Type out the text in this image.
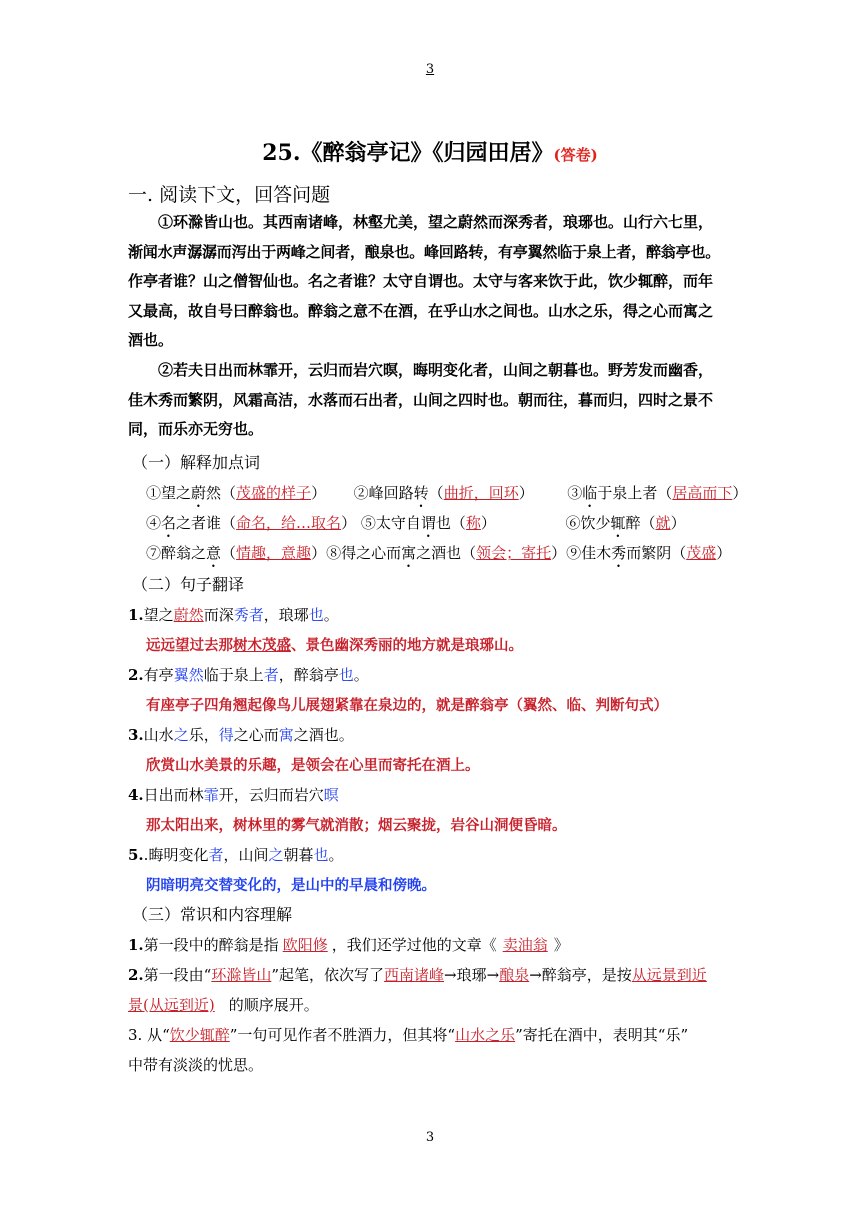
3
25.《醉翁亭记》《归园田居》(答卷)
一. 阅读下文，回答问题
①环滁皆山也。其西南诸峰，林壑尤美，望之蔚然而深秀者，琅琊也。山行六七里，
渐闻水声潺潺而泻出于两峰之间者，酿泉也。峰回路转，有亭翼然临于泉上者，醉翁亭也。
作亭者谁？山之僧智仙也。名之者谁？太守自谓也。太守与客来饮于此，饮少辄醉，而年
又最高，故自号曰醉翁也。醉翁之意不在酒，在乎山水之间也。山水之乐，得之心而寓之
酒也。
②若夫日出而林霏开，云归而岩穴暝，晦明变化者，山间之朝暮也。野芳发而幽香，
佳木秀而繁阴，风霜高洁，水落而石出者，山间之四时也。朝而往，暮而归，四时之景不
同，而乐亦无穷也。
（一）解释加点词
①望之蔚然（茂盛的样子） ②峰回路转（曲折，回环） ③临于泉上者（居高而下）
④名之者谁（命名，给…取名） ⑤太守自谓也（称）	⑥饮少辄醉（就）
⑦醉翁之意（情趣，意趣）⑧得之心而寓之酒也（领会；寄托）⑨佳木秀而繁阴（茂盛）
（二）句子翻译
1.望之蔚然而深秀者，琅琊也。
远远望过去那树木茂盛、景色幽深秀丽的地方就是琅琊山。
2.有亭翼然临于泉上者，醉翁亭也。
有座亭子四角翘起像鸟儿展翅紧靠在泉边的，就是醉翁亭（翼然、临、判断句式）
3.山水之乐，得之心而寓之酒也。
欣赏山水美景的乐趣，是领会在心里而寄托在酒上。
4.日出而林霏开，云归而岩穴暝
那太阳出来，树林里的雾气就消散；烟云聚拢，岩谷山洞便昏暗。
5..晦明变化者，山间之朝暮也。
阴暗明亮交替变化的，是山中的早晨和傍晚。
（三）常识和内容理解
1.第一段中的醉翁是指 欧阳修 ，我们还学过他的文章《 卖油翁 》
2.第一段由“环滁皆山”起笔，依次写了西南诸峰→琅琊→酿泉→醉翁亭，是按从远景到近
景(从远到近) 的顺序展开。
3. 从“饮少辄醉”一句可见作者不胜酒力，但其将“山水之乐”寄托在酒中，表明其“乐”
中带有淡淡的忧思。
3
